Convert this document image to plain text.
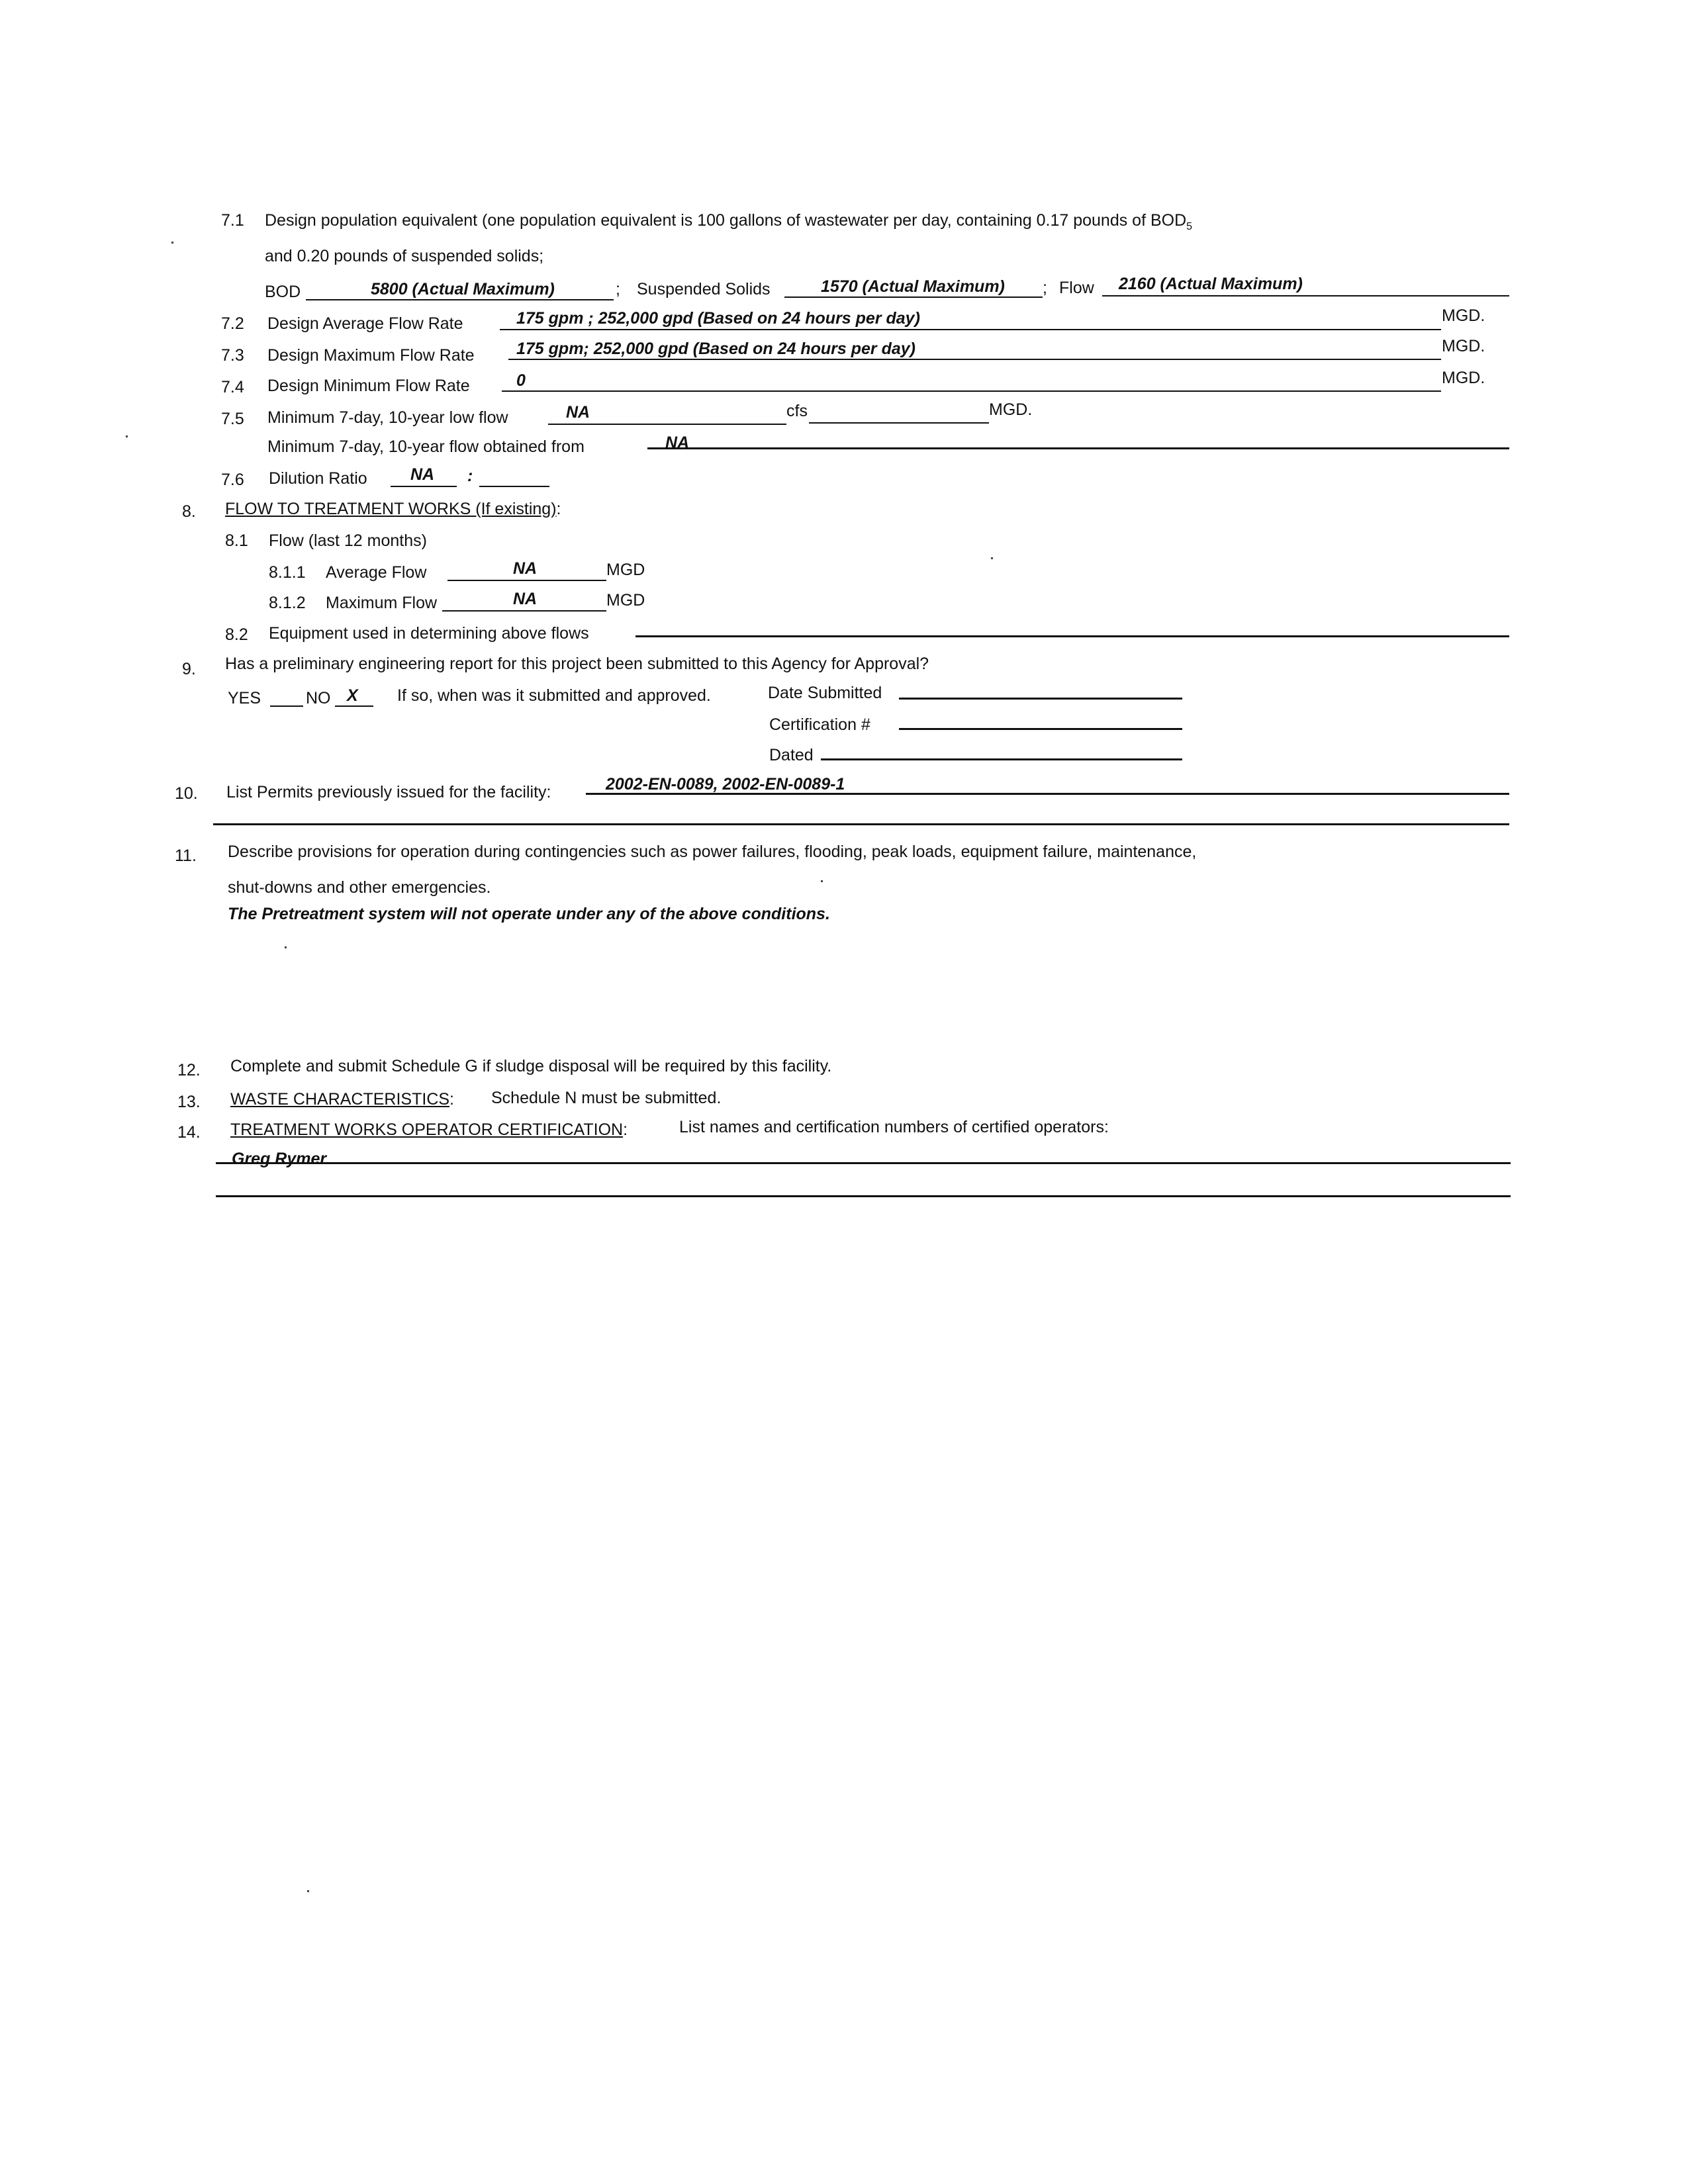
7.1 Design population equivalent (one population equivalent is 100 gallons of wastewater per day, containing 0.17 pounds of $BOD_5$
and 0.20 pounds of suspended solids;
BOD	5800 (Actual Maximum)	; Suspended Solids	1570 (Actual Maximum) ; Flow 2160 (Actual Maximum)
7.2 Design Average Flow Rate	175 gpm ; 252,000 gpd (Based on 24 hours per day)	MGD.
7.3 Design Maximum Flow Rate	175 gpm; 252,000 gpd (Based on 24 hours per day)	MGD.
7.4 Design Minimum Flow Rate	0	MGD.
7.5 Minimum 7-day, 10-year low flow	NA	cfs	MGD.
Minimum 7-day, 10-year flow obtained from	NA
7.6 Dilution Ratio	NA :
8. FLOW TO TREATMENT WORKS (If existing):
8.1 Flow (last 12 months)
8.1.1 Average Flow	NA	MGD
8.1.2 Maximum Flow	NA	MGD
8.2 Equipment used in determining above flows
9. Has a preliminary engineering report for this project been submitted to this Agency for Approval?
YES	NO X If so, when was it submitted and approved.	Date Submitted
Certification #
Dated
10. List Permits previously issued for the facility:	2002-EN-0089, 2002-EN-0089-1
11. Describe provisions for operation during contingencies such as power failures, flooding, peak loads, equipment failure, maintenance,
shut-downs and other emergencies.
The Pretreatment system will not operate under any of the above conditions.
12. Complete and submit Schedule G if sludge disposal will be required by this facility.
13. WASTE CHARACTERISTICS: Schedule N must be submitted.
14. TREATMENT WORKS OPERATOR CERTIFICATION:	List names and certification numbers of certified operators:
Greg Rymer
